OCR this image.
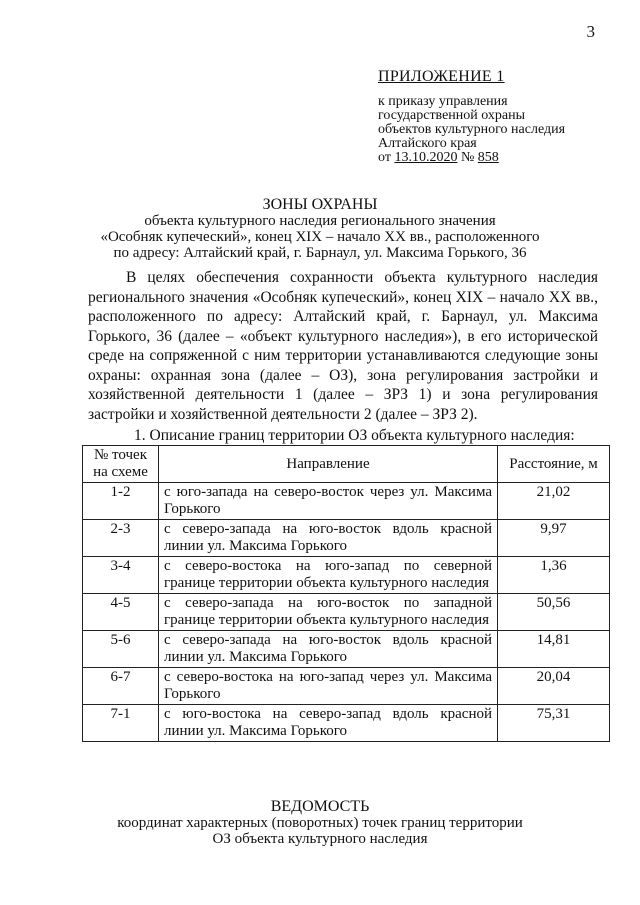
3
ПРИЛОЖЕНИЕ 1
к приказу управления
государственной охраны
объектов культурного наследия
Алтайского края
от 13.10.2020 № 858
ЗОНЫ ОХРАНЫ
объекта культурного наследия регионального значения
«Особняк купеческий», конец XIX – начало XX вв., расположенного
по адресу: Алтайский край, г. Барнаул, ул. Максима Горького, 36

В целях обеспечения сохранности объекта культурного наследия регионального значения «Особняк купеческий», конец XIX – начало XX вв., расположенного по адресу: Алтайский край, г. Барнаул, ул. Максима Горького, 36 (далее – «объект культурного наследия»), в его исторической среде на сопряженной с ним территории устанавливаются следующие зоны охраны: охранная зона (далее – ОЗ), зона регулирования застройки и хозяйственной деятельности 1 (далее – ЗРЗ 1) и зона регулирования застройки и хозяйственной деятельности 2 (далее – ЗРЗ 2).

1. Описание границ территории ОЗ объекта культурного наследия:
№ точек на схеме	Направление	Расстояние, м
1-2	с юго-запада на северо-восток через ул. Максима Горького	21,02
2-3	с северо-запада на юго-восток вдоль красной линии ул. Максима Горького	9,97
3-4	с северо-востока на юго-запад по северной границе территории объекта культурного наследия	1,36
4-5	с северо-запада на юго-восток по западной границе территории объекта культурного наследия	50,56
5-6	с северо-запада на юго-восток вдоль красной линии ул. Максима Горького	14,81
6-7	с северо-востока на юго-запад через ул. Максима Горького	20,04
7-1	с юго-востока на северо-запад вдоль красной линии ул. Максима Горького	75,31
ВЕДОМОСТЬ
координат характерных (поворотных) точек границ территории
ОЗ объекта культурного наследия
